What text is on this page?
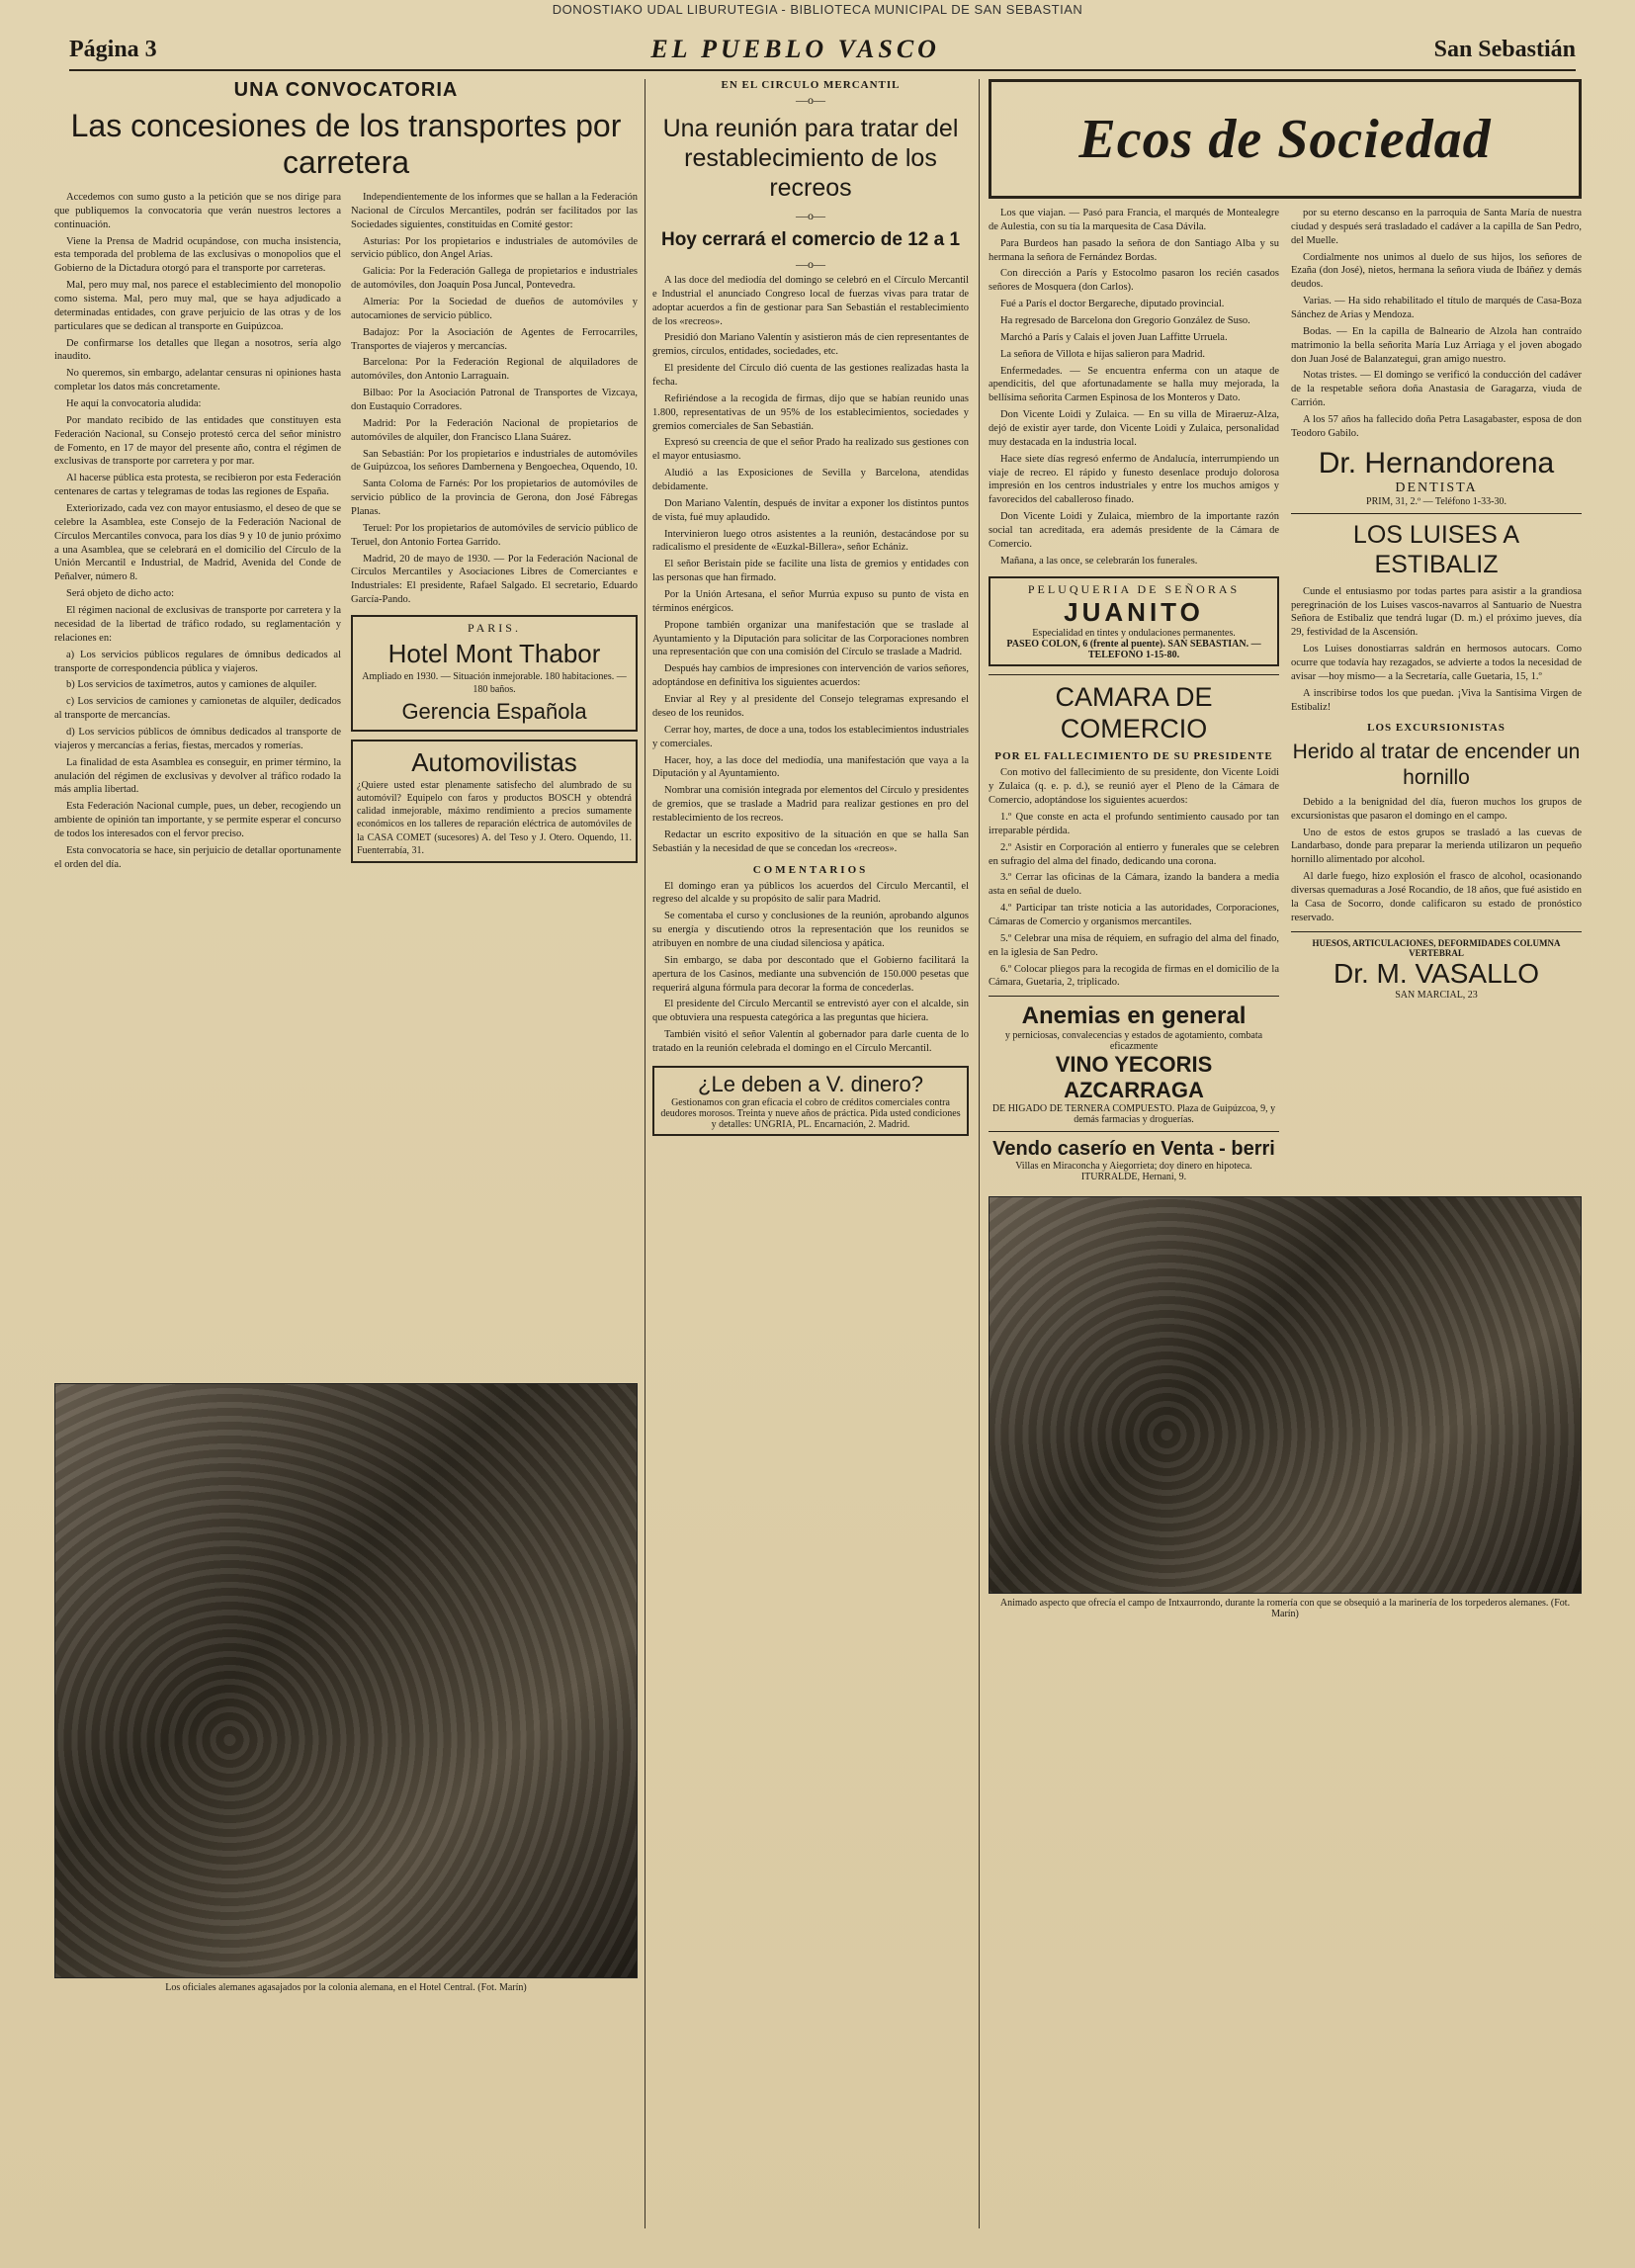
DONOSTIAKO UDAL LIBURUTEGIA - BIBLIOTECA MUNICIPAL DE SAN SEBASTIAN
Página 3	EL PUEBLO VASCO	San Sebastián
UNA CONVOCATORIA
Las concesiones de los transportes por carretera

Accedemos con sumo gusto a la petición que se nos dirige para que publiquemos la convocatoria que verán nuestros lectores a continuación.

Viene la Prensa de Madrid ocupándose, con mucha insistencia, esta temporada del problema de las exclusivas o monopolios que el Gobierno de la Dictadura otorgó para el transporte por carreteras.

Mal, pero muy mal, nos parece el establecimiento del monopolio como sistema. Mal, pero muy mal, que se haya adjudicado a determinadas entidades, con grave perjuicio de las otras y de los particulares que se dedican al transporte en Guipúzcoa.

De confirmarse los detalles que llegan a nosotros, sería algo inaudito.

No queremos, sin embargo, adelantar censuras ni opiniones hasta completar los datos más concretamente.

He aquí la convocatoria aludida:

Por mandato recibido de las entidades que constituyen esta Federación Nacional, su Consejo protestó cerca del señor ministro de Fomento, en 17 de mayor del presente año, contra el régimen de exclusivas de transporte por carretera y por mar.

Al hacerse pública esta protesta, se recibieron por esta Federación centenares de cartas y telegramas de todas las regiones de España.

Exteriorizado, cada vez con mayor entusiasmo, el deseo de que se celebre la Asamblea, este Consejo de la Federación Nacional de Círculos Mercantiles convoca, para los días 9 y 10 de junio próximo a una Asamblea, que se celebrará en el domicilio del Círculo de la Unión Mercantil e Industrial, de Madrid, Avenida del Conde de Peñalver, número 8.

Será objeto de dicho acto:

El régimen nacional de exclusivas de transporte por carretera y la necesidad de la libertad de tráfico rodado, su reglamentación y relaciones en:

a) Los servicios públicos regulares de ómnibus dedicados al transporte de correspondencia pública y viajeros.

b) Los servicios de taxímetros, autos y camiones de alquiler.

c) Los servicios de camiones y camionetas de alquiler, dedicados al transporte de mercancías.

d) Los servicios públicos de ómnibus dedicados al transporte de viajeros y mercancías a ferias, fiestas, mercados y romerías.

La finalidad de esta Asamblea es conseguir, en primer término, la anulación del régimen de exclusivas y devolver al tráfico rodado la más amplia libertad.

Esta Federación Nacional cumple, pues, un deber, recogiendo un ambiente de opinión tan importante, y se permite esperar el concurso de todos los interesados con el fervor preciso.

Esta convocatoria se hace, sin perjuicio de detallar oportunamente el orden del día.

Independientemente de los informes que se hallan a la Federación Nacional de Círculos Mercantiles, podrán ser facilitados por las Sociedades siguientes, constituidas en Comité gestor:

Asturias: Por los propietarios e industriales de automóviles de servicio público, don Angel Arias.

Galicia: Por la Federación Gallega de propietarios e industriales de automóviles, don Joaquín Posa Juncal, Pontevedra.

Almería: Por la Sociedad de dueños de automóviles y autocamiones de servicio público.

Badajoz: Por la Asociación de Agentes de Ferrocarriles, Transportes de viajeros y mercancías.

Barcelona: Por la Federación Regional de alquiladores de automóviles, don Antonio Larraguain.

Bilbao: Por la Asociación Patronal de Transportes de Vizcaya, don Eustaquio Corradores.

Madrid: Por la Federación Nacional de propietarios de automóviles de alquiler, don Francisco Llana Suárez.

San Sebastián: Por los propietarios e industriales de automóviles de Guipúzcoa, los señores Dambernena y Bengoechea, Oquendo, 10.

Santa Coloma de Farnés: Por los propietarios de automóviles de servicio público de la provincia de Gerona, don José Fábregas Planas.

Teruel: Por los propietarios de automóviles de servicio público de Teruel, don Antonio Fortea Garrido.

Madrid, 20 de mayo de 1930. — Por la Federación Nacional de Círculos Mercantiles y Asociaciones Libres de Comerciantes e Industriales: El presidente, Rafael Salgado. El secretario, Eduardo García-Pando.

PARIS.
Hotel Mont Thabor
Ampliado en 1930. — Situación inmejorable. 180 habitaciones. — 180 baños.
Gerencia Española
Automovilistas
¿Quiere usted estar plenamente satisfecho del alumbrado de su automóvil? Equipelo con faros y productos BOSCH y obtendrá calidad inmejorable, máximo rendimiento a precios sumamente económicos en los talleres de reparación eléctrica de automóviles de la CASA COMET (sucesores) A. del Teso y J. Otero. Oquendo, 11. Fuenterrabía, 31.
Los oficiales alemanes agasajados por la colonia alemana, en el Hotel Central. (Fot. Marín)
EN EL CIRCULO MERCANTIL
—o—
Una reunión para tratar del restablecimiento de los recreos
—o—
Hoy cerrará el comercio de 12 a 1
—o—

A las doce del mediodía del domingo se celebró en el Círculo Mercantil e Industrial el anunciado Congreso local de fuerzas vivas para tratar de adoptar acuerdos a fin de gestionar para San Sebastián el restablecimiento de los «recreos».

Presidió don Mariano Valentín y asistieron más de cien representantes de gremios, círculos, entidades, sociedades, etc.

El presidente del Círculo dió cuenta de las gestiones realizadas hasta la fecha.

Refiriéndose a la recogida de firmas, dijo que se habían reunido unas 1.800, representativas de un 95% de los establecimientos, sociedades y gremios comerciales de San Sebastián.

Expresó su creencia de que el señor Prado ha realizado sus gestiones con el mayor entusiasmo.

Aludió a las Exposiciones de Sevilla y Barcelona, atendidas debidamente.

Don Mariano Valentín, después de invitar a exponer los distintos puntos de vista, fué muy aplaudido.

Intervinieron luego otros asistentes a la reunión, destacándose por su radicalismo el presidente de «Euzkal-Billera», señor Echániz.

El señor Beristain pide se facilite una lista de gremios y entidades con las personas que han firmado.

Por la Unión Artesana, el señor Murrúa expuso su punto de vista en términos enérgicos.

Propone también organizar una manifestación que se traslade al Ayuntamiento y la Diputación para solicitar de las Corporaciones nombren una representación que con una comisión del Círculo se traslade a Madrid.

Después hay cambios de impresiones con intervención de varios señores, adoptándose en definitiva los siguientes acuerdos:

Enviar al Rey y al presidente del Consejo telegramas expresando el deseo de los reunidos.

Cerrar hoy, martes, de doce a una, todos los establecimientos industriales y comerciales.

Hacer, hoy, a las doce del mediodía, una manifestación que vaya a la Diputación y al Ayuntamiento.

Nombrar una comisión integrada por elementos del Círculo y presidentes de gremios, que se traslade a Madrid para realizar gestiones en pro del restablecimiento de los recreos.

Redactar un escrito expositivo de la situación en que se halla San Sebastián y la necesidad de que se concedan los «recreos».

COMENTARIOS

El domingo eran ya públicos los acuerdos del Círculo Mercantil, el regreso del alcalde y su propósito de salir para Madrid.

Se comentaba el curso y conclusiones de la reunión, aprobando algunos su energía y discutiendo otros la representación que los reunidos se atribuyen en nombre de una ciudad silenciosa y apática.

Sin embargo, se daba por descontado que el Gobierno facilitará la apertura de los Casinos, mediante una subvención de 150.000 pesetas que requerirá alguna fórmula para decorar la forma de concederlas.

El presidente del Círculo Mercantil se entrevistó ayer con el alcalde, sin que obtuviera una respuesta categórica a las preguntas que hiciera.

También visitó el señor Valentín al gobernador para darle cuenta de lo tratado en la reunión celebrada el domingo en el Círculo Mercantil.

¿Le deben a V. dinero?
Gestionamos con gran eficacia el cobro de créditos comerciales contra deudores morosos. Treinta y nueve años de práctica. Pida usted condiciones y detalles: UNGRIA, PL. Encarnación, 2. Madrid.
Ecos de Sociedad

Los que viajan. — Pasó para Francia, el marqués de Montealegre de Aulestia, con su tía la marquesita de Casa Dávila.

Para Burdeos han pasado la señora de don Santiago Alba y su hermana la señora de Fernández Bordas.

Con dirección a París y Estocolmo pasaron los recién casados señores de Mosquera (don Carlos).

Fué a París el doctor Bergareche, diputado provincial.

Ha regresado de Barcelona don Gregorio González de Suso.

Marchó a París y Calais el joven Juan Laffitte Urruela.

La señora de Villota e hijas salieron para Madrid.

Enfermedades. — Se encuentra enferma con un ataque de apendicitis, del que afortunadamente se halla muy mejorada, la bellísima señorita Carmen Espinosa de los Monteros y Dato.

Don Vicente Loidi y Zulaica. — En su villa de Miraeruz-Alza, dejó de existir ayer tarde, don Vicente Loidi y Zulaica, personalidad muy destacada en la industria local.

Hace siete días regresó enfermo de Andalucía, interrumpiendo un viaje de recreo. El rápido y funesto desenlace produjo dolorosa impresión en los centros industriales y entre los muchos amigos y favorecidos del caballeroso finado.

Don Vicente Loidi y Zulaica, miembro de la importante razón social tan acreditada, era además presidente de la Cámara de Comercio.

Mañana, a las once, se celebrarán los funerales.

PELUQUERIA DE SEÑORAS
JUANITO
Especialidad en tintes y ondulaciones permanentes.
PASEO COLON, 6 (frente al puente). SAN SEBASTIAN. — TELEFONO 1-15-80.
CAMARA DE COMERCIO
POR EL FALLECIMIENTO DE SU PRESIDENTE

Con motivo del fallecimiento de su presidente, don Vicente Loidi y Zulaica (q. e. p. d.), se reunió ayer el Pleno de la Cámara de Comercio, adoptándose los siguientes acuerdos:

1.º Que conste en acta el profundo sentimiento causado por tan irreparable pérdida.

2.º Asistir en Corporación al entierro y funerales que se celebren en sufragio del alma del finado, dedicando una corona.

3.º Cerrar las oficinas de la Cámara, izando la bandera a media asta en señal de duelo.

4.º Participar tan triste noticia a las autoridades, Corporaciones, Cámaras de Comercio y organismos mercantiles.

5.º Celebrar una misa de réquiem, en sufragio del alma del finado, en la iglesia de San Pedro.

6.º Colocar pliegos para la recogida de firmas en el domicilio de la Cámara, Guetaria, 2, triplicado.

Anemias en general
y perniciosas, convalecencias y estados de agotamiento, combata eficazmente
VINO YECORIS AZCARRAGA
DE HIGADO DE TERNERA COMPUESTO. Plaza de Guipúzcoa, 9, y demás farmacias y droguerías.
Vendo caserío en Venta - berri
Villas en Miraconcha y Aiegorrieta; doy dinero en hipoteca. ITURRALDE, Hernani, 9.

por su eterno descanso en la parroquia de Santa María de nuestra ciudad y después será trasladado el cadáver a la capilla de San Pedro, del Muelle.

Cordialmente nos unimos al duelo de sus hijos, los señores de Ezaña (don José), nietos, hermana la señora viuda de Ibáñez y demás deudos.

Varias. — Ha sido rehabilitado el título de marqués de Casa-Boza Sánchez de Arias y Mendoza.

Bodas. — En la capilla de Balneario de Alzola han contraído matrimonio la bella señorita María Luz Arriaga y el joven abogado don Juan José de Balanzategui, gran amigo nuestro.

Notas tristes. — El domingo se verificó la conducción del cadáver de la respetable señora doña Anastasia de Garagarza, viuda de Carrión.

A los 57 años ha fallecido doña Petra Lasagabaster, esposa de don Teodoro Gabilo.

Dr. Hernandorena
DENTISTA
PRIM, 31, 2.º — Teléfono 1-33-30.
LOS LUISES A ESTIBALIZ

Cunde el entusiasmo por todas partes para asistir a la grandiosa peregrinación de los Luises vascos-navarros al Santuario de Nuestra Señora de Estibaliz que tendrá lugar (D. m.) el próximo jueves, día 29, festividad de la Ascensión.

Los Luises donostiarras saldrán en hermosos autocars. Como ocurre que todavía hay rezagados, se advierte a todos la necesidad de avisar —hoy mismo— a la Secretaría, calle Guetaria, 15, 1.º

A inscribirse todos los que puedan. ¡Viva la Santísima Virgen de Estibaliz!

LOS EXCURSIONISTAS
Herido al tratar de encender un hornillo

Debido a la benignidad del día, fueron muchos los grupos de excursionistas que pasaron el domingo en el campo.

Uno de estos de estos grupos se trasladó a las cuevas de Landarbaso, donde para preparar la merienda utilizaron un pequeño hornillo alimentado por alcohol.

Al darle fuego, hizo explosión el frasco de alcohol, ocasionando diversas quemaduras a José Rocandio, de 18 años, que fué asistido en la Casa de Socorro, donde calificaron su estado de pronóstico reservado.

HUESOS, ARTICULACIONES, DEFORMIDADES COLUMNA VERTEBRAL
Dr. M. VASALLO
SAN MARCIAL, 23
Animado aspecto que ofrecía el campo de Intxaurrondo, durante la romería con que se obsequió a la marinería de los torpederos alemanes. (Fot. Marín)
